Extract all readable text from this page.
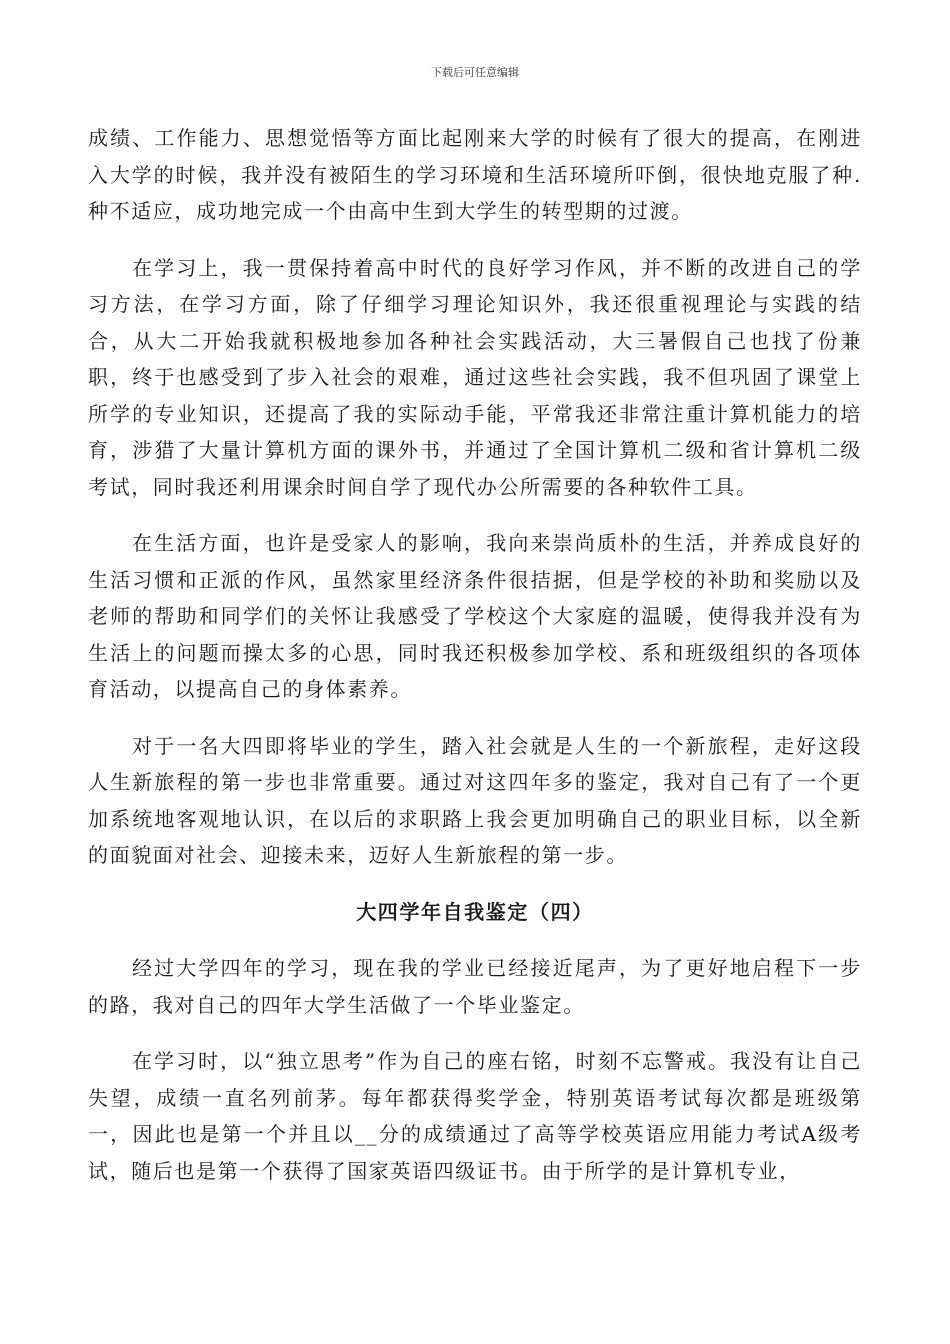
下载后可任意编辑

成绩、工作能力、思想觉悟等方面比起刚来大学的时候有了很大的提高，在刚进入大学的时候，我并没有被陌生的学习环境和生活环境所吓倒，很快地克服了种.种不适应，成功地完成一个由高中生到大学生的转型期的过渡。

在学习上，我一贯保持着高中时代的良好学习作风，并不断的改进自己的学习方法，在学习方面，除了仔细学习理论知识外，我还很重视理论与实践的结合，从大二开始我就积极地参加各种社会实践活动，大三暑假自己也找了份兼职，终于也感受到了步入社会的艰难，通过这些社会实践，我不但巩固了课堂上所学的专业知识，还提高了我的实际动手能，平常我还非常注重计算机能力的培育，涉猎了大量计算机方面的课外书，并通过了全国计算机二级和省计算机二级考试，同时我还利用课余时间自学了现代办公所需要的各种软件工具。

在生活方面，也许是受家人的影响，我向来崇尚质朴的生活，并养成良好的生活习惯和正派的作风，虽然家里经济条件很拮据，但是学校的补助和奖励以及老师的帮助和同学们的关怀让我感受了学校这个大家庭的温暖，使得我并没有为生活上的问题而操太多的心思，同时我还积极参加学校、系和班级组织的各项体育活动，以提高自己的身体素养。

对于一名大四即将毕业的学生，踏入社会就是人生的一个新旅程，走好这段人生新旅程的第一步也非常重要。通过对这四年多的鉴定，我对自己有了一个更加系统地客观地认识，在以后的求职路上我会更加明确自己的职业目标，以全新的面貌面对社会、迎接未来，迈好人生新旅程的第一步。

大四学年自我鉴定（四）

经过大学四年的学习，现在我的学业已经接近尾声，为了更好地启程下一步的路，我对自己的四年大学生活做了一个毕业鉴定。

在学习时，以“独立思考”作为自己的座右铭，时刻不忘警戒。我没有让自己失望，成绩一直名列前茅。每年都获得奖学金，特别英语考试每次都是班级第一，因此也是第一个并且以__分的成绩通过了高等学校英语应用能力考试A级考试，随后也是第一个获得了国家英语四级证书。由于所学的是计算机专业，
